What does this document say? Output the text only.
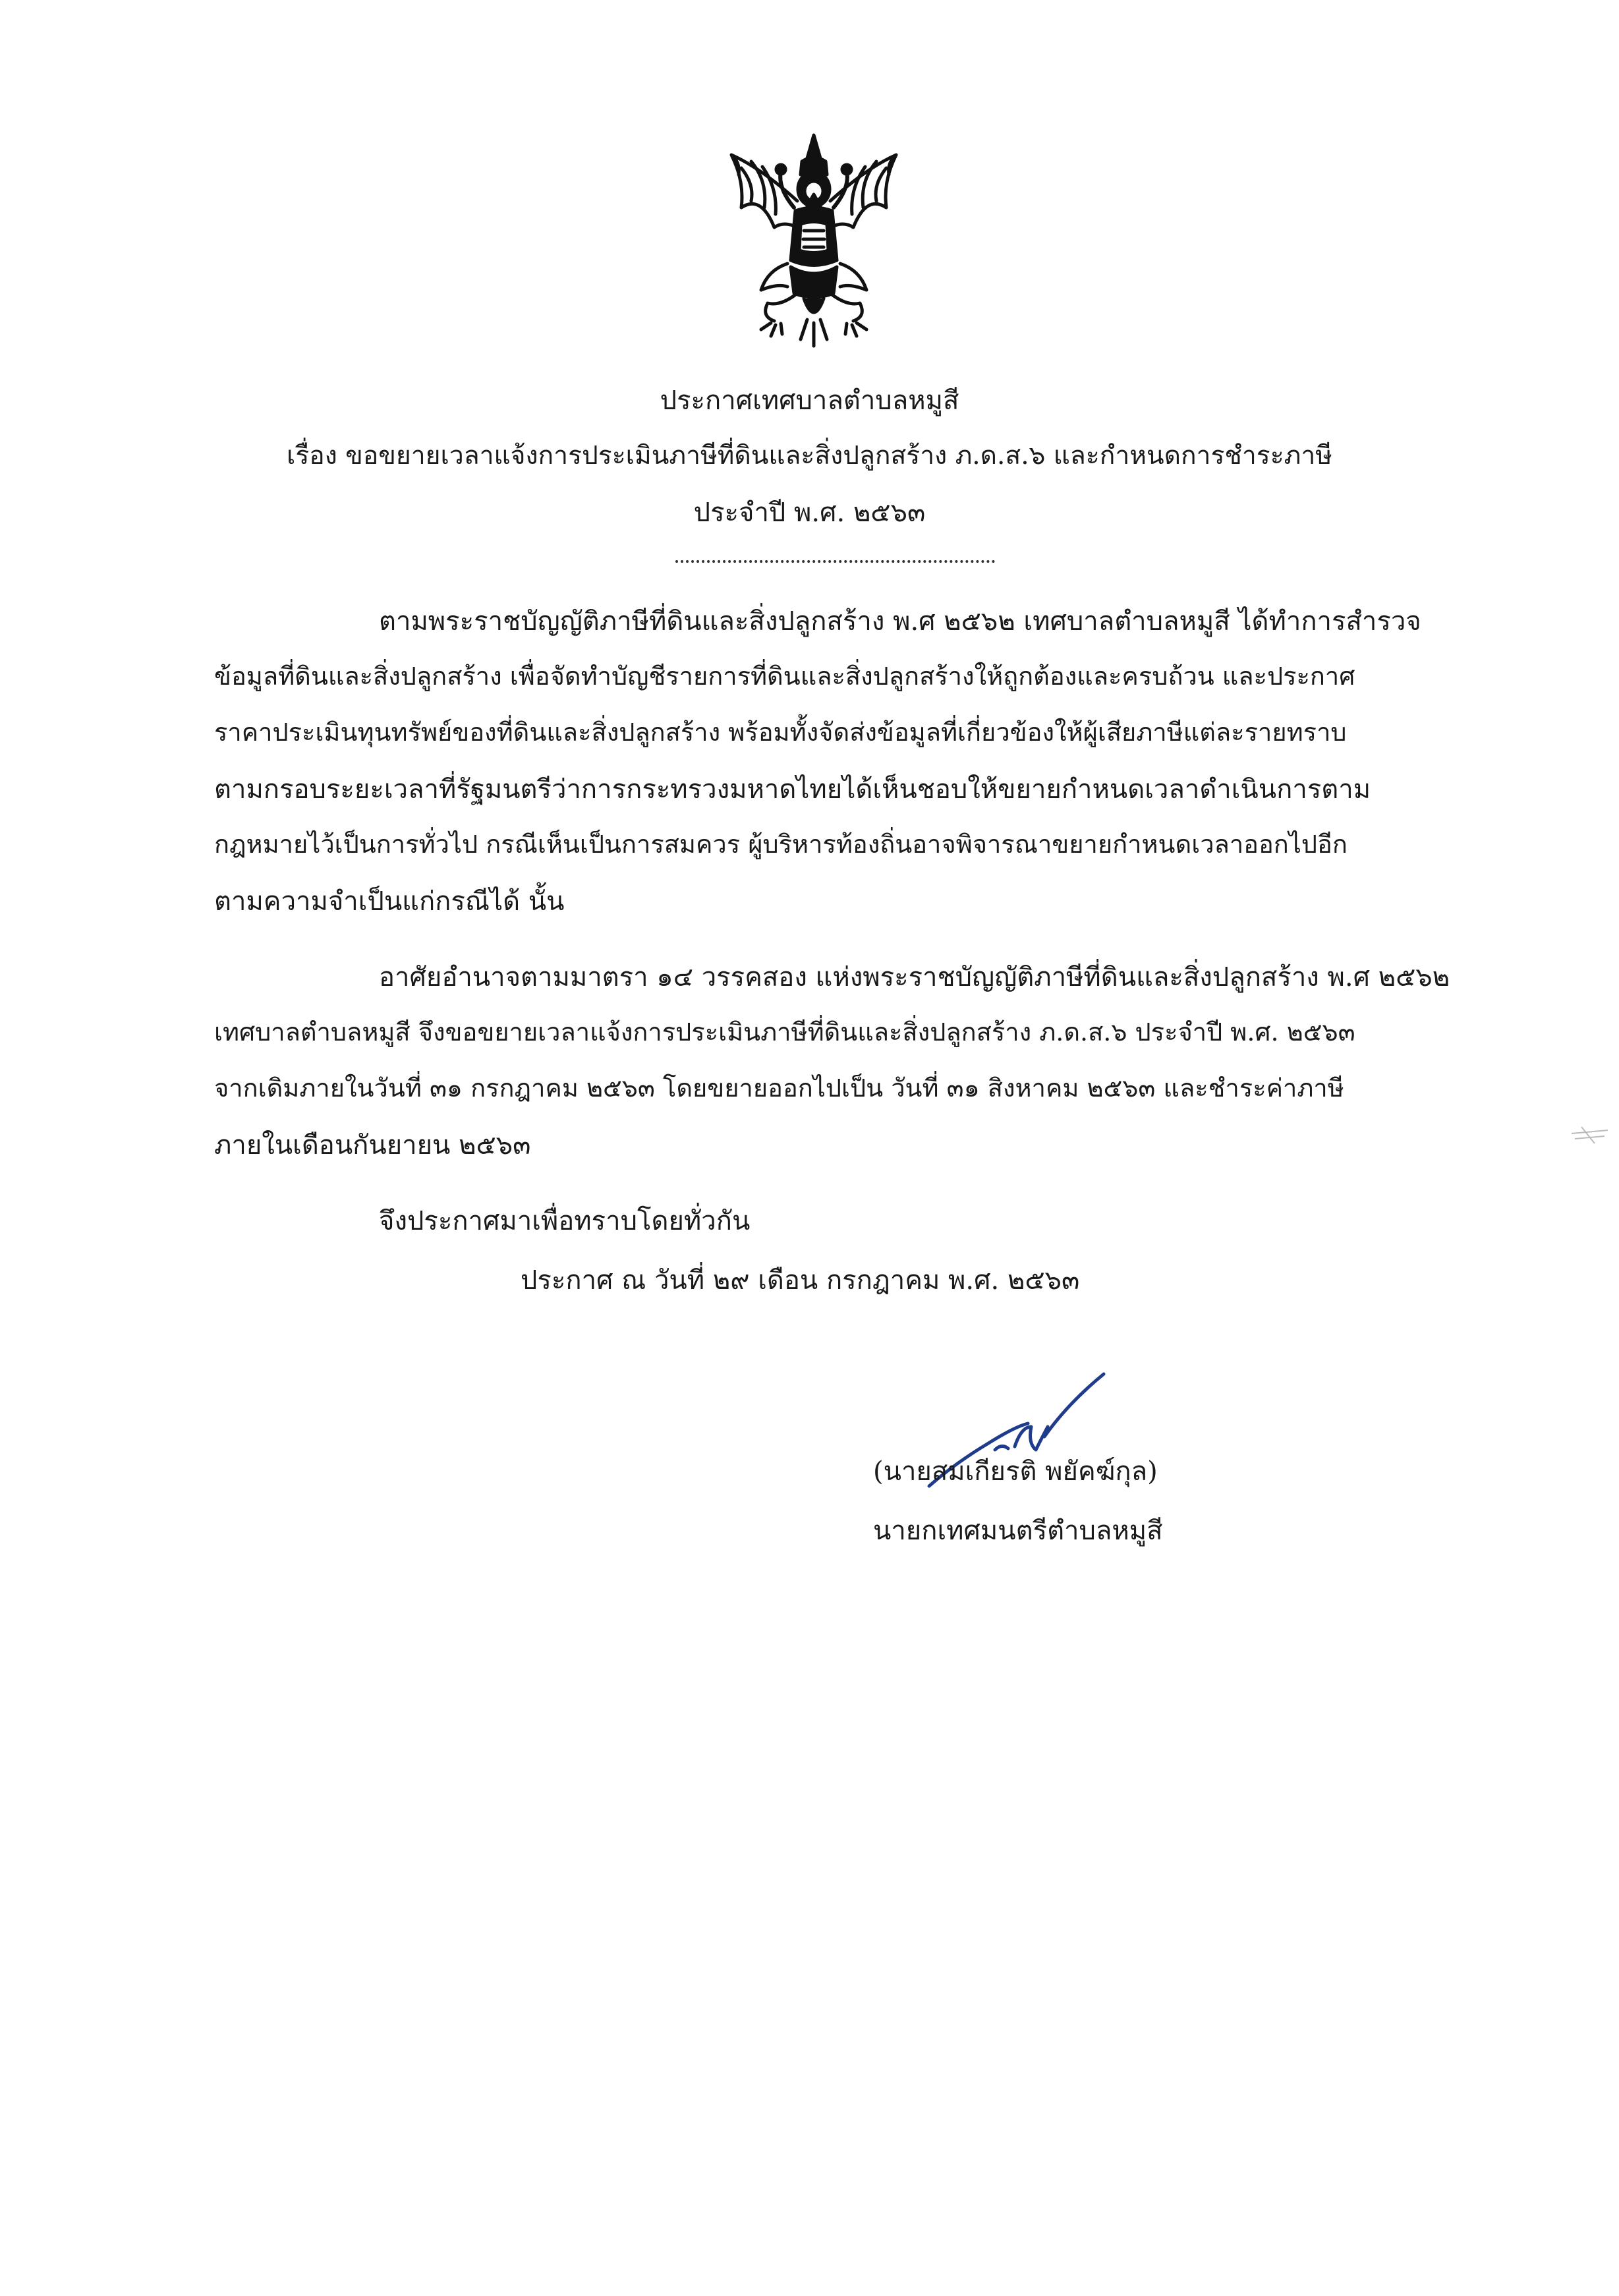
ประกาศเทศบาลตำบลหมูสี
เรื่อง ขอขยายเวลาแจ้งการประเมินภาษีที่ดินและสิ่งปลูกสร้าง ภ.ด.ส.๖ และกำหนดการชำระภาษี
ประจำปี พ.ศ. ๒๕๖๓
ตามพระราชบัญญัติภาษีที่ดินและสิ่งปลูกสร้าง พ.ศ ๒๕๖๒ เทศบาลตำบลหมูสี ได้ทำการสำรวจ
ข้อมูลที่ดินและสิ่งปลูกสร้าง เพื่อจัดทำบัญชีรายการที่ดินและสิ่งปลูกสร้างให้ถูกต้องและครบถ้วน และประกาศ
ราคาประเมินทุนทรัพย์ของที่ดินและสิ่งปลูกสร้าง พร้อมทั้งจัดส่งข้อมูลที่เกี่ยวข้องให้ผู้เสียภาษีแต่ละรายทราบ
ตามกรอบระยะเวลาที่รัฐมนตรีว่าการกระทรวงมหาดไทยได้เห็นชอบให้ขยายกำหนดเวลาดำเนินการตาม
กฎหมายไว้เป็นการทั่วไป กรณีเห็นเป็นการสมควร ผู้บริหารท้องถิ่นอาจพิจารณาขยายกำหนดเวลาออกไปอีก
ตามความจำเป็นแก่กรณีได้ นั้น
อาศัยอำนาจตามมาตรา ๑๔ วรรคสอง แห่งพระราชบัญญัติภาษีที่ดินและสิ่งปลูกสร้าง พ.ศ ๒๕๖๒
เทศบาลตำบลหมูสี จึงขอขยายเวลาแจ้งการประเมินภาษีที่ดินและสิ่งปลูกสร้าง ภ.ด.ส.๖ ประจำปี พ.ศ. ๒๕๖๓
จากเดิมภายในวันที่ ๓๑ กรกฎาคม ๒๕๖๓ โดยขยายออกไปเป็น วันที่ ๓๑ สิงหาคม ๒๕๖๓ และชำระค่าภาษี
ภายในเดือนกันยายน ๒๕๖๓
จึงประกาศมาเพื่อทราบโดยทั่วกัน
ประกาศ ณ วันที่ ๒๙ เดือน กรกฎาคม พ.ศ. ๒๕๖๓
(นายสมเกียรติ พยัคฆ์กุล)
นายกเทศมนตรีตำบลหมูสี
